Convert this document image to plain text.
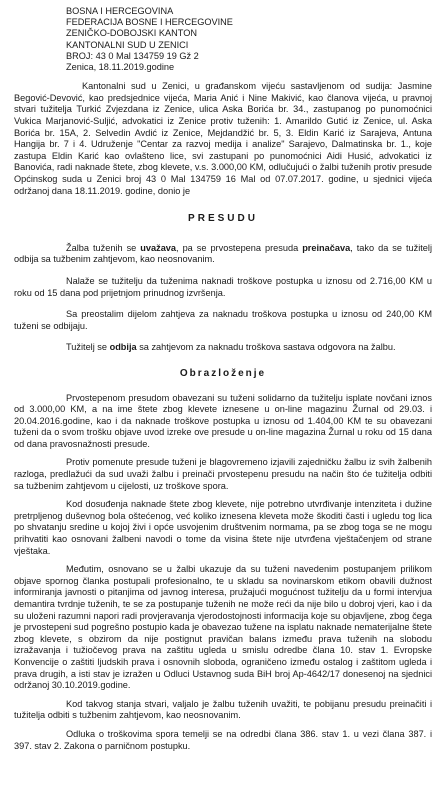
BOSNA I HERCEGOVINA
FEDERACIJA BOSNE I HERCEGOVINE
ZENIČKO-DOBOJSKI KANTON
KANTONALNI SUD U ZENICI
BROJ: 43 0 Mal 134759 19 Gž 2
Zenica, 18.11.2019.godine

Kantonalni sud u Zenici, u građanskom vijeću sastavljenom od sudija: Jasmine Begović-Devović, kao predsjednice vijeća, Maria Anić i Nine Makivić, kao članova vijeća, u pravnoj stvari tužitelja Turkić Zvjezdana iz Zenice, ulica Aska Borića br. 34., zastupanog po punomoćnici Vukica Marjanović-Suljić, advokatici iz Zenice protiv tuženih: 1. Amarildo Gutić iz Zenice, ul. Aska Borića br. 15A, 2. Selvedin Avdić iz Zenice, Mejdandžić br. 5, 3. Eldin Karić iz Sarajeva, Antuna Hangija br. 7 i 4. Udruženje "Centar za razvoj medija i analize" Sarajevo, Dalmatinska br. 1., koje zastupa Eldin Karić kao ovlašteno lice, svi zastupani po punomoćnici Aidi Husić, advokatici iz Banovića, radi naknade štete, zbog klevete, v.s. 3.000,00 KM, odlučujući o žalbi tuženih protiv presude Općinskog suda u Zenici broj 43 0 Mal 134759 16 Mal od 07.07.2017. godine, u sjednici vijeća održanoj dana 18.11.2019. godine, donio je

PRESUDU

Žalba tuženih se uvažava, pa se prvostepena presuda preinačava, tako da se tužitelj odbija sa tužbenim zahtjevom, kao neosnovanim.

Nalaže se tužitelju da tuženima naknadi troškove postupka u iznosu od 2.716,00 KM u roku od 15 dana pod prijetnjom prinudnog izvršenja.

Sa preostalim dijelom zahtjeva za naknadu troškova postupka u iznosu od 240,00 KM tuženi se odbijaju.

Tužitelj se odbija sa zahtjevom za naknadu troškova sastava odgovora na žalbu.

Obrazloženje

Prvostepenom presudom obavezani su tuženi solidarno da tužitelju isplate novčani iznos od 3.000,00 KM, a na ime štete zbog klevete iznesene u on-line magazinu Žurnal od 29.03. i 20.04.2016.godine, kao i da naknade troškove postupka u iznosu od 1.404,00 KM te su obavezani tuženi da o svom trošku objave uvod izreke ove presude u on-line magazina Žurnal u roku od 15 dana od dana pravosnažnosti presude.

Protiv pomenute presude tuženi je blagovremeno izjavili zajedničku žalbu iz svih žalbenih razloga, predlažući da sud uvaži žalbu i preinači prvostepenu presudu na način što će tužitelja odbiti sa tužbenim zahtjevom u cijelosti, uz troškove spora.

Kod dosuđenja naknade štete zbog klevete, nije potrebno utvrđivanje intenziteta i dužine pretrpljenog duševnog bola oštećenog, već koliko iznesena kleveta može škoditi časti i ugledu tog lica po shvatanju sredine u kojoj živi i opće usvojenim društvenim normama, pa se zbog toga se ne mogu prihvatiti kao osnovani žalbeni navodi o tome da visina štete nije utvrđena vještačenjem od strane vještaka.

Međutim, osnovano se u žalbi ukazuje da su tuženi navedenim postupanjem prilikom objave spornog članka postupali profesionalno, te u skladu sa novinarskom etikom obavili dužnost informiranja javnosti o pitanjima od javnog interesa, pružajući mogućnost tužitelju da u formi intervjua demantira tvrdnje tuženih, te se za postupanje tuženih ne može reći da nije bilo u dobroj vjeri, kao i da su uloženi razumni napori radi provjeravanja vjerodostojnosti informacija koje su objavljene, zbog čega je prvostepeni sud pogrešno postupio kada je obavezao tužene na isplatu naknade nematerijalne štete zbog klevete, s obzirom da nije postignut pravičan balans između prava tuženih na slobodu izražavanja i tužiočevog prava na zaštitu ugleda u smislu odredbe člana 10. stav 1. Evropske Konvencije o zaštiti ljudskih prava i osnovnih sloboda, ograničeno između ostalog i zaštitom ugleda i prava drugih, a isti stav je izražen u Odluci Ustavnog suda BiH broj Ap-4642/17 donesenoj na sjednici održanoj 30.10.2019.godine.

Kod takvog stanja stvari, valjalo je žalbu tuženih uvažiti, te pobijanu presudu preinačiti i tužitelja odbiti s tužbenim zahtjevom, kao neosnovanim.

Odluka o troškovima spora temelji se na odredbi člana 386. stav 1. u vezi člana 387. i 397. stav 2. Zakona o parničnom postupku.
